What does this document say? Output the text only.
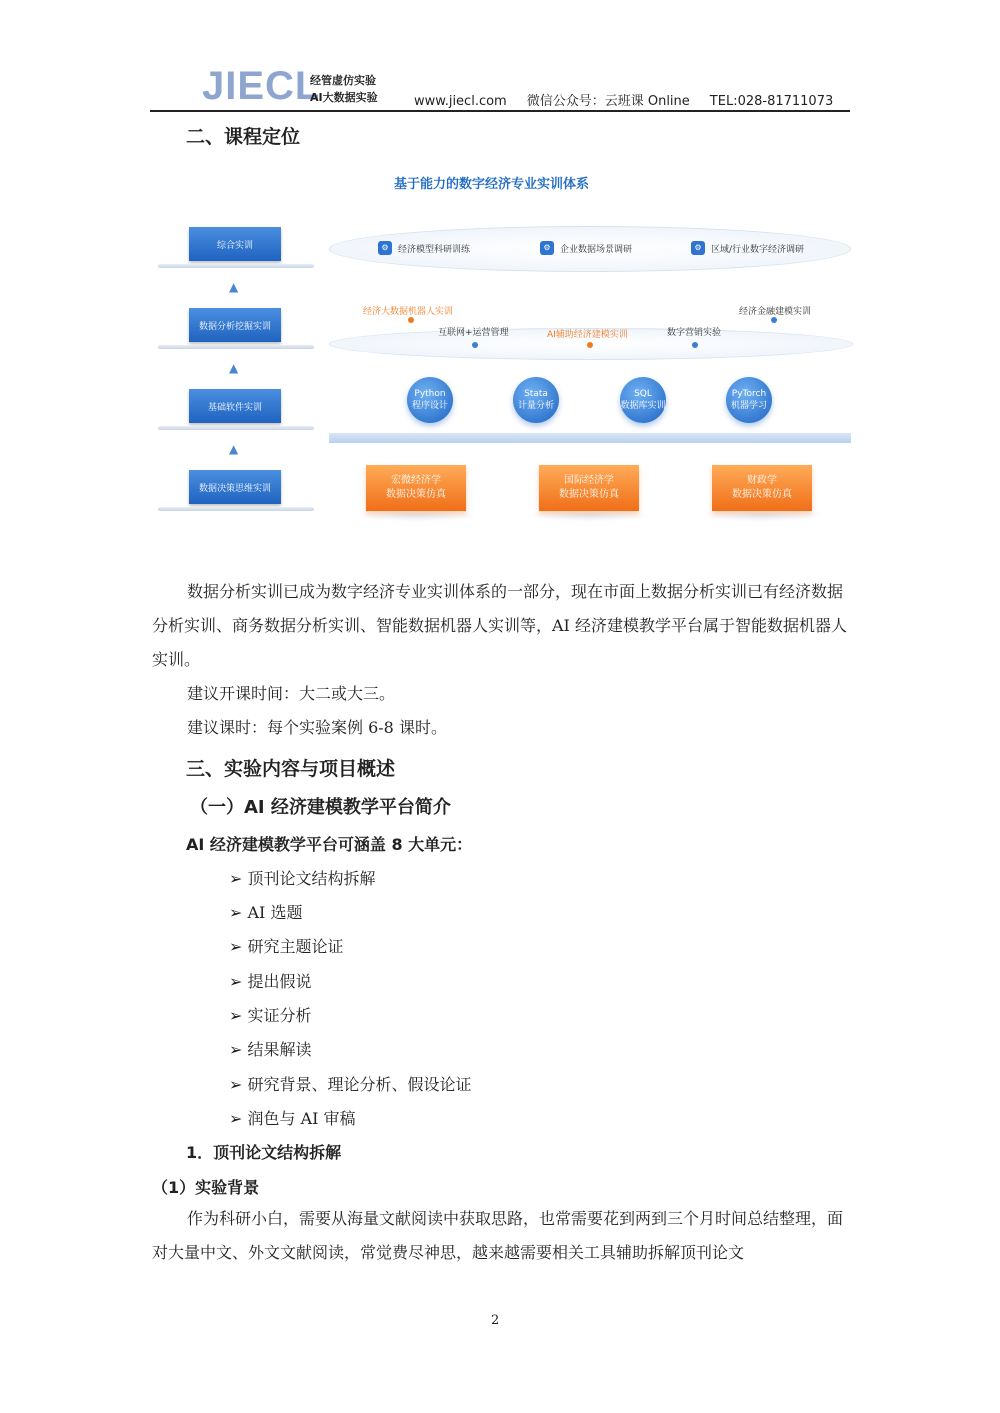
JIECL
经管虚仿实验
AI大数据实验	www.jiecl.com 微信公众号：云班课 Online TEL:028-81711073
二、课程定位
基于能力的数字经济专业实训体系
综合实训
▲
数据分析挖掘实训
▲
基础软件实训
▲
数据决策思维实训
⚙	经济模型科研训练	⚙	企业数据场景调研	⚙	区域/行业数字经济调研
经济大数据机器人实训	经济金融建模实训
互联网+运营管理	AI辅助经济建模实训	数字营销实验
Python
程序设计
Stata
计量分析
SQL
数据库实训
PyTorch
机器学习
宏微经济学
数据决策仿真
国际经济学
数据决策仿真
财政学
数据决策仿真
数据分析实训已成为数字经济专业实训体系的一部分，现在市面上数据分析实训已有经济数据分析实训、商务数据分析实训、智能数据机器人实训等，AI 经济建模教学平台属于智能数据机器人实训。
建议开课时间：大二或大三。
建议课时：每个实验案例 6-8 课时。
三、实验内容与项目概述
（一）AI 经济建模教学平台简介
AI 经济建模教学平台可涵盖 8 大单元：
➢ 顶刊论文结构拆解
➢ AI 选题
➢ 研究主题论证
➢ 提出假说
➢ 实证分析
➢ 结果解读
➢ 研究背景、理论分析、假设论证
➢ 润色与 AI 审稿
1．顶刊论文结构拆解
（1）实验背景
作为科研小白，需要从海量文献阅读中获取思路，也常需要花到两到三个月时间总结整理，面对大量中文、外文文献阅读，常觉费尽神思，越来越需要相关工具辅助拆解顶刊论文
2
